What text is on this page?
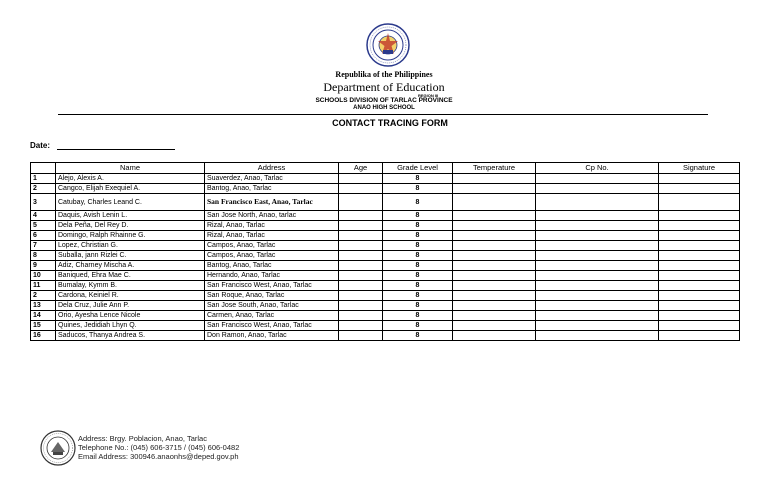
Republika of the Philippines
Department of Education
REGION III
SCHOOLS DIVISION OF TARLAC PROVINCE
ANAO HIGH SCHOOL
CONTACT TRACING FORM
Date:
	Name	Address	Age	Grade Level	Temperature	Cp No.	Signature
1	Alejo, Alexis A.	Suaverdez, Anao, Tarlac		8			
2	Cangco, Elijah Exequiel A.	Bantog, Anao, Tarlac		8			
3	Catubay, Charles Leand C.	San Francisco East, Anao, Tarlac		8			
4	Daquis, Avish Lenin L.	San Jose North, Anao, tarlac		8			
5	Dela Peña, Del Rey D.	Rizal, Anao, Tarlac		8			
6	Domingo, Ralph Rhainne G.	Rizal, Anao, Tarlac		8			
7	Lopez, Christian G.	Campos, Anao, Tarlac		8			
8	Suballa, jann Rizlei C.	Campos, Anao, Tarlac		8			
9	Adiz, Charney Mischa A.	Bantog, Anao, Tarlac		8			
10	Baniqued, Ehra Mae C.	Hernando, Anao, Tarlac		8			
11	Bumalay, Kymm B.	San Francisco West, Anao, Tarlac		8			
2	Cardona, Keiniel R.	San Roque, Anao, Tarlac		8			
13	Dela Cruz, Julie Ann P.	San Jose South, Anao, Tarlac		8			
14	Orio, Ayesha Lence Nicole	Carmen, Anao, Tarlac		8			
15	Quines, Jedidiah Lhyn Q.	San Francisco West, Anao, Tarlac		8			
16	Saducos, Thanya Andrea S.	Don Ramon, Anao, Tarlac		8			
Address: Brgy. Poblacion, Anao, Tarlac
Telephone No.: (045) 606-3715 / (045) 606-0482
Email Address: 300946.anaonhs@deped.gov.ph
